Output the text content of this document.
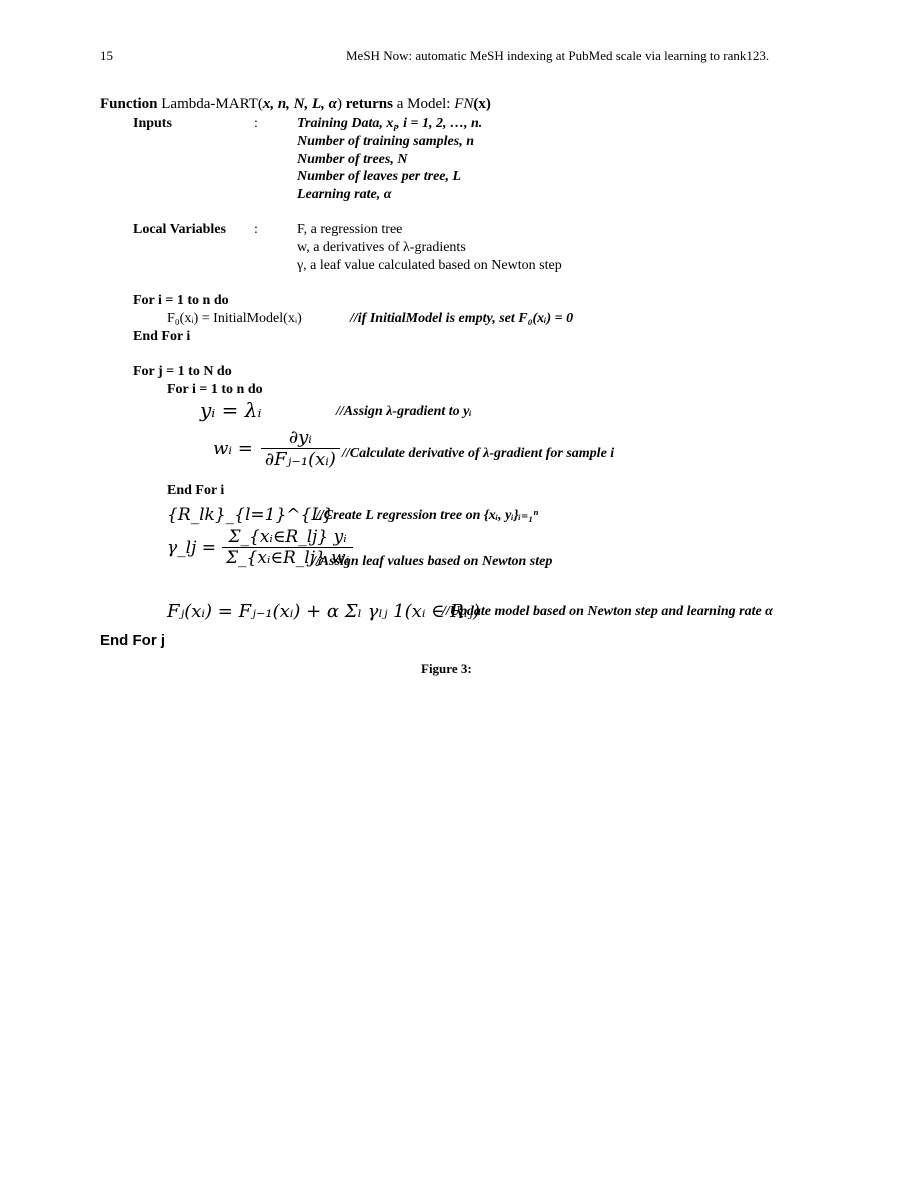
15	MeSH Now: automatic MeSH indexing at PubMed scale via learning to rank123.
Function Lambda-MART(x, n, N, L, α) returns a Model: FN(x)
Inputs	:	Training Data, $x_i$, i = 1, 2, …, n.
Number of training samples, n
Number of trees, N
Number of leaves per tree, L
Learning rate, α
Local Variables :	F, a regression tree
w, a derivatives of λ-gradients
γ, a leaf value calculated based on Newton step
For i = 1 to n do
F₀(xᵢ) = InitialModel(xᵢ)	//if InitialModel is empty, set F₀(xᵢ) = 0
End For i
For j = 1 to N do
For i = 1 to n do
yᵢ = λᵢ	//Assign λ-gradient to yᵢ
wᵢ = $\frac{\text{∂yᵢ}}{\text{∂Fⱼ₋₁(xᵢ)}}$ //Calculate derivative of λ-gradient for sample i
End For i
{R_lk}_{l=1}^{L}
//Create L regression tree on {xᵢ, yᵢ}ᵢ₌₁ⁿ
γ_lj = $\frac{\text{Σ\_\{xᵢ∈R\_lj\} yᵢ}}{\text{Σ\_\{xᵢ∈R\_lj\} wᵢ}}$
//Assign leaf values based on Newton step
Fⱼ(xᵢ) = Fⱼ₋₁(xᵢ) + α Σₗ γₗⱼ 1(xᵢ ∈ Rₗⱼ)
//Update model based on Newton step and learning rate α
End For j
Figure 3:
